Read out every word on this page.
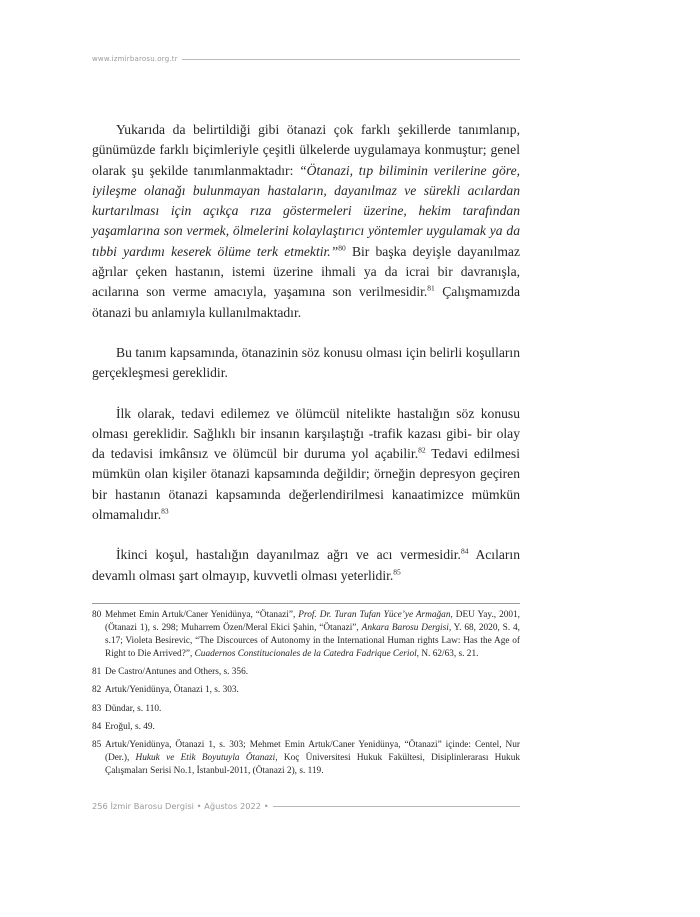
www.izmirbarosu.org.tr

Yukarıda da belirtildiği gibi ötanazi çok farklı şekillerde tanımlanıp, günümüzde farklı biçimleriyle çeşitli ülkelerde uygulamaya konmuştur; genel olarak şu şekilde tanımlanmaktadır: “Ötanazi, tıp biliminin verilerine göre, iyileşme olanağı bulunmayan hastaların, dayanılmaz ve sürekli acılardan kurtarılması için açıkça rıza göstermeleri üzerine, hekim tarafından yaşamlarına son vermek, ölmelerini kolaylaştırıcı yöntemler uygulamak ya da tıbbi yardımı keserek ölüme terk etmektir.”$^{80}$ Bir başka deyişle dayanılmaz ağrılar çeken hastanın, istemi üzerine ihmali ya da icrai bir davranışla, acılarına son verme amacıyla, yaşamına son verilmesidir.$^{81}$ Çalışmamızda ötanazi bu anlamıyla kullanılmaktadır.

Bu tanım kapsamında, ötanazinin söz konusu olması için belirli koşulların gerçekleşmesi gereklidir.

İlk olarak, tedavi edilemez ve ölümcül nitelikte hastalığın söz konusu olması gereklidir. Sağlıklı bir insanın karşılaştığı -trafik kazası gibi- bir olay da tedavisi imkânsız ve ölümcül bir duruma yol açabilir.$^{82}$ Tedavi edilmesi mümkün olan kişiler ötanazi kapsamında değildir; örneğin depresyon geçiren bir hastanın ötanazi kapsamında değerlendirilmesi kanaatimizce mümkün olmamalıdır.$^{83}$

İkinci koşul, hastalığın dayanılmaz ağrı ve acı vermesidir.$^{84}$ Acıların devamlı olması şart olmayıp, kuvvetli olması yeterlidir.$^{85}$

80 Mehmet Emin Artuk/Caner Yenidünya, “Ötanazi”, Prof. Dr. Turan Tufan Yüce’ye Armağan, DEU Yay., 2001, (Ötanazi 1), s. 298; Muharrem Özen/Meral Ekici Şahin, “Ötanazi”, Ankara Barosu Dergisi, Y. 68, 2020, S. 4, s.17; Violeta Besirevic, “The Discources of Autonomy in the International Human rights Law: Has the Age of Right to Die Arrived?”, Cuadernos Constitucionales de la Catedra Fadrique Ceriol, N. 62/63, s. 21.
81 De Castro/Antunes and Others, s. 356.
82 Artuk/Yenidünya, Ötanazi 1, s. 303.
83 Dündar, s. 110.
84 Eroğul, s. 49.
85 Artuk/Yenidünya, Ötanazi 1, s. 303; Mehmet Emin Artuk/Caner Yenidünya, “Ötanazi” içinde: Centel, Nur (Der.), Hukuk ve Etik Boyutuyla Ötanazi, Koç Üniversitesi Hukuk Fakültesi, Disiplinlerarası Hukuk Çalışmaları Serisi No.1, İstanbul-2011, (Ötanazi 2), s. 119.
256 İzmir Barosu Dergisi • Ağustos 2022 •
